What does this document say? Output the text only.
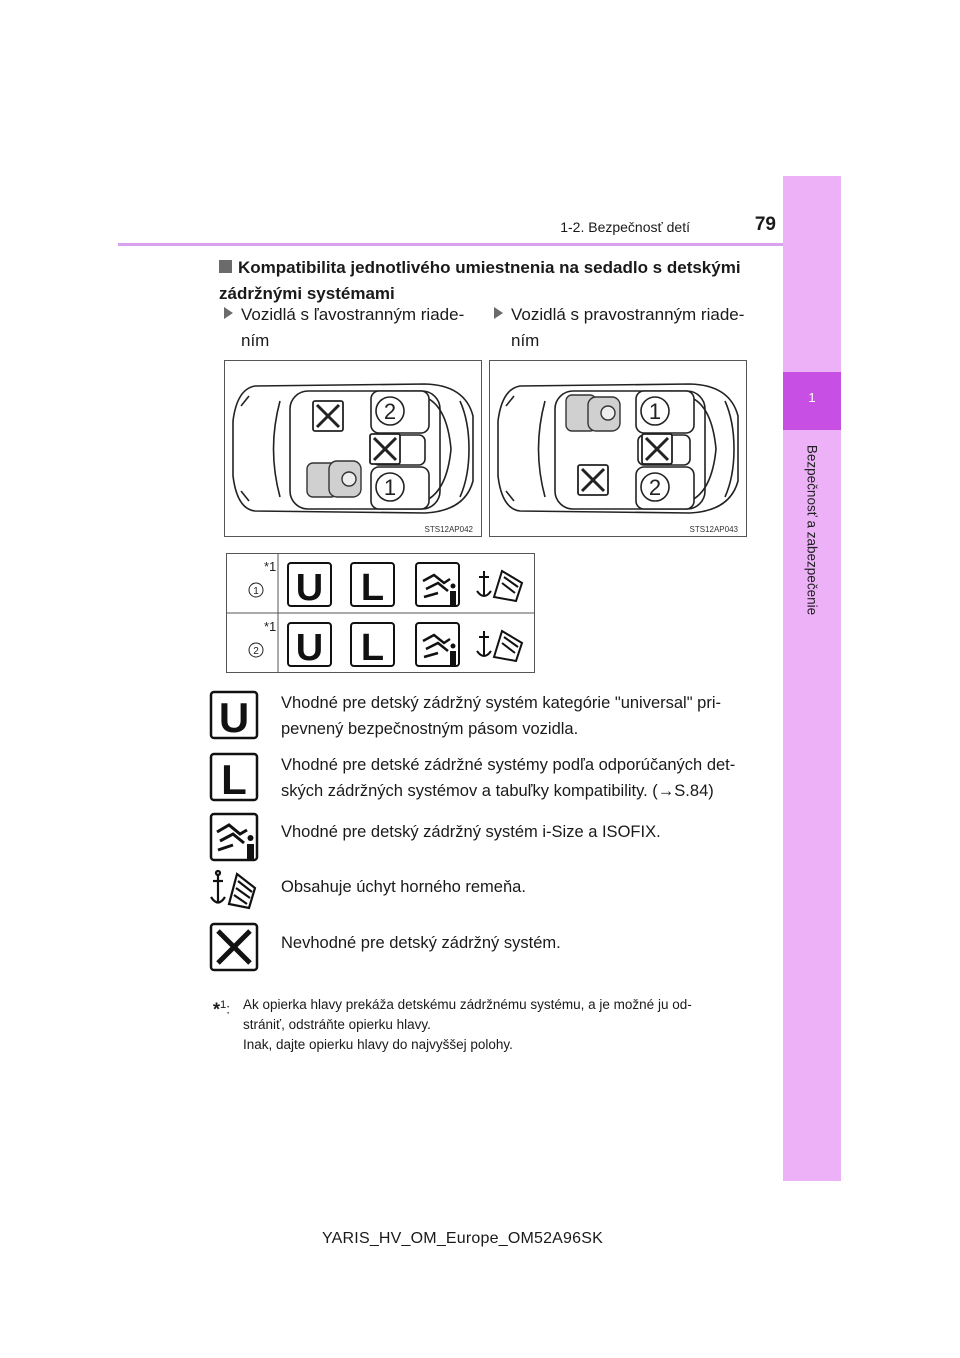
1-2. Bezpečnosť detí	79
1
Bezpečnosť a zabezpečenie
Kompatibilita jednotlivého umiestnenia na sedadlo s detskými zádržnými systémami
Vozidlá s ľavostranným riade-
ním
Vozidlá s pravostranným riade-
ním
2
1
STS12AP042
1
2
STS12AP043
*1
1 U L
*1
2 U L
U Vhodné pre detský zádržný systém kategórie "universal" pri-
pevnený bezpečnostným pásom vozidla.
L Vhodné pre detské zádržné systémy podľa odporúčaných det-
ských zádržných systémov a tabuľky kompatibility. (→S.84)
Vhodné pre detský zádržný systém i-Size a ISOFIX.
Obsahuje úchyt horného remeňa.
Nevhodné pre detský zádržný systém.
*$^1$: Ak opierka hlavy prekáža detskému zádržnému systému, a je možné ju od-
strániť, odstráňte opierku hlavy.
Inak, dajte opierku hlavy do najvyššej polohy.
YARIS_HV_OM_Europe_OM52A96SK
